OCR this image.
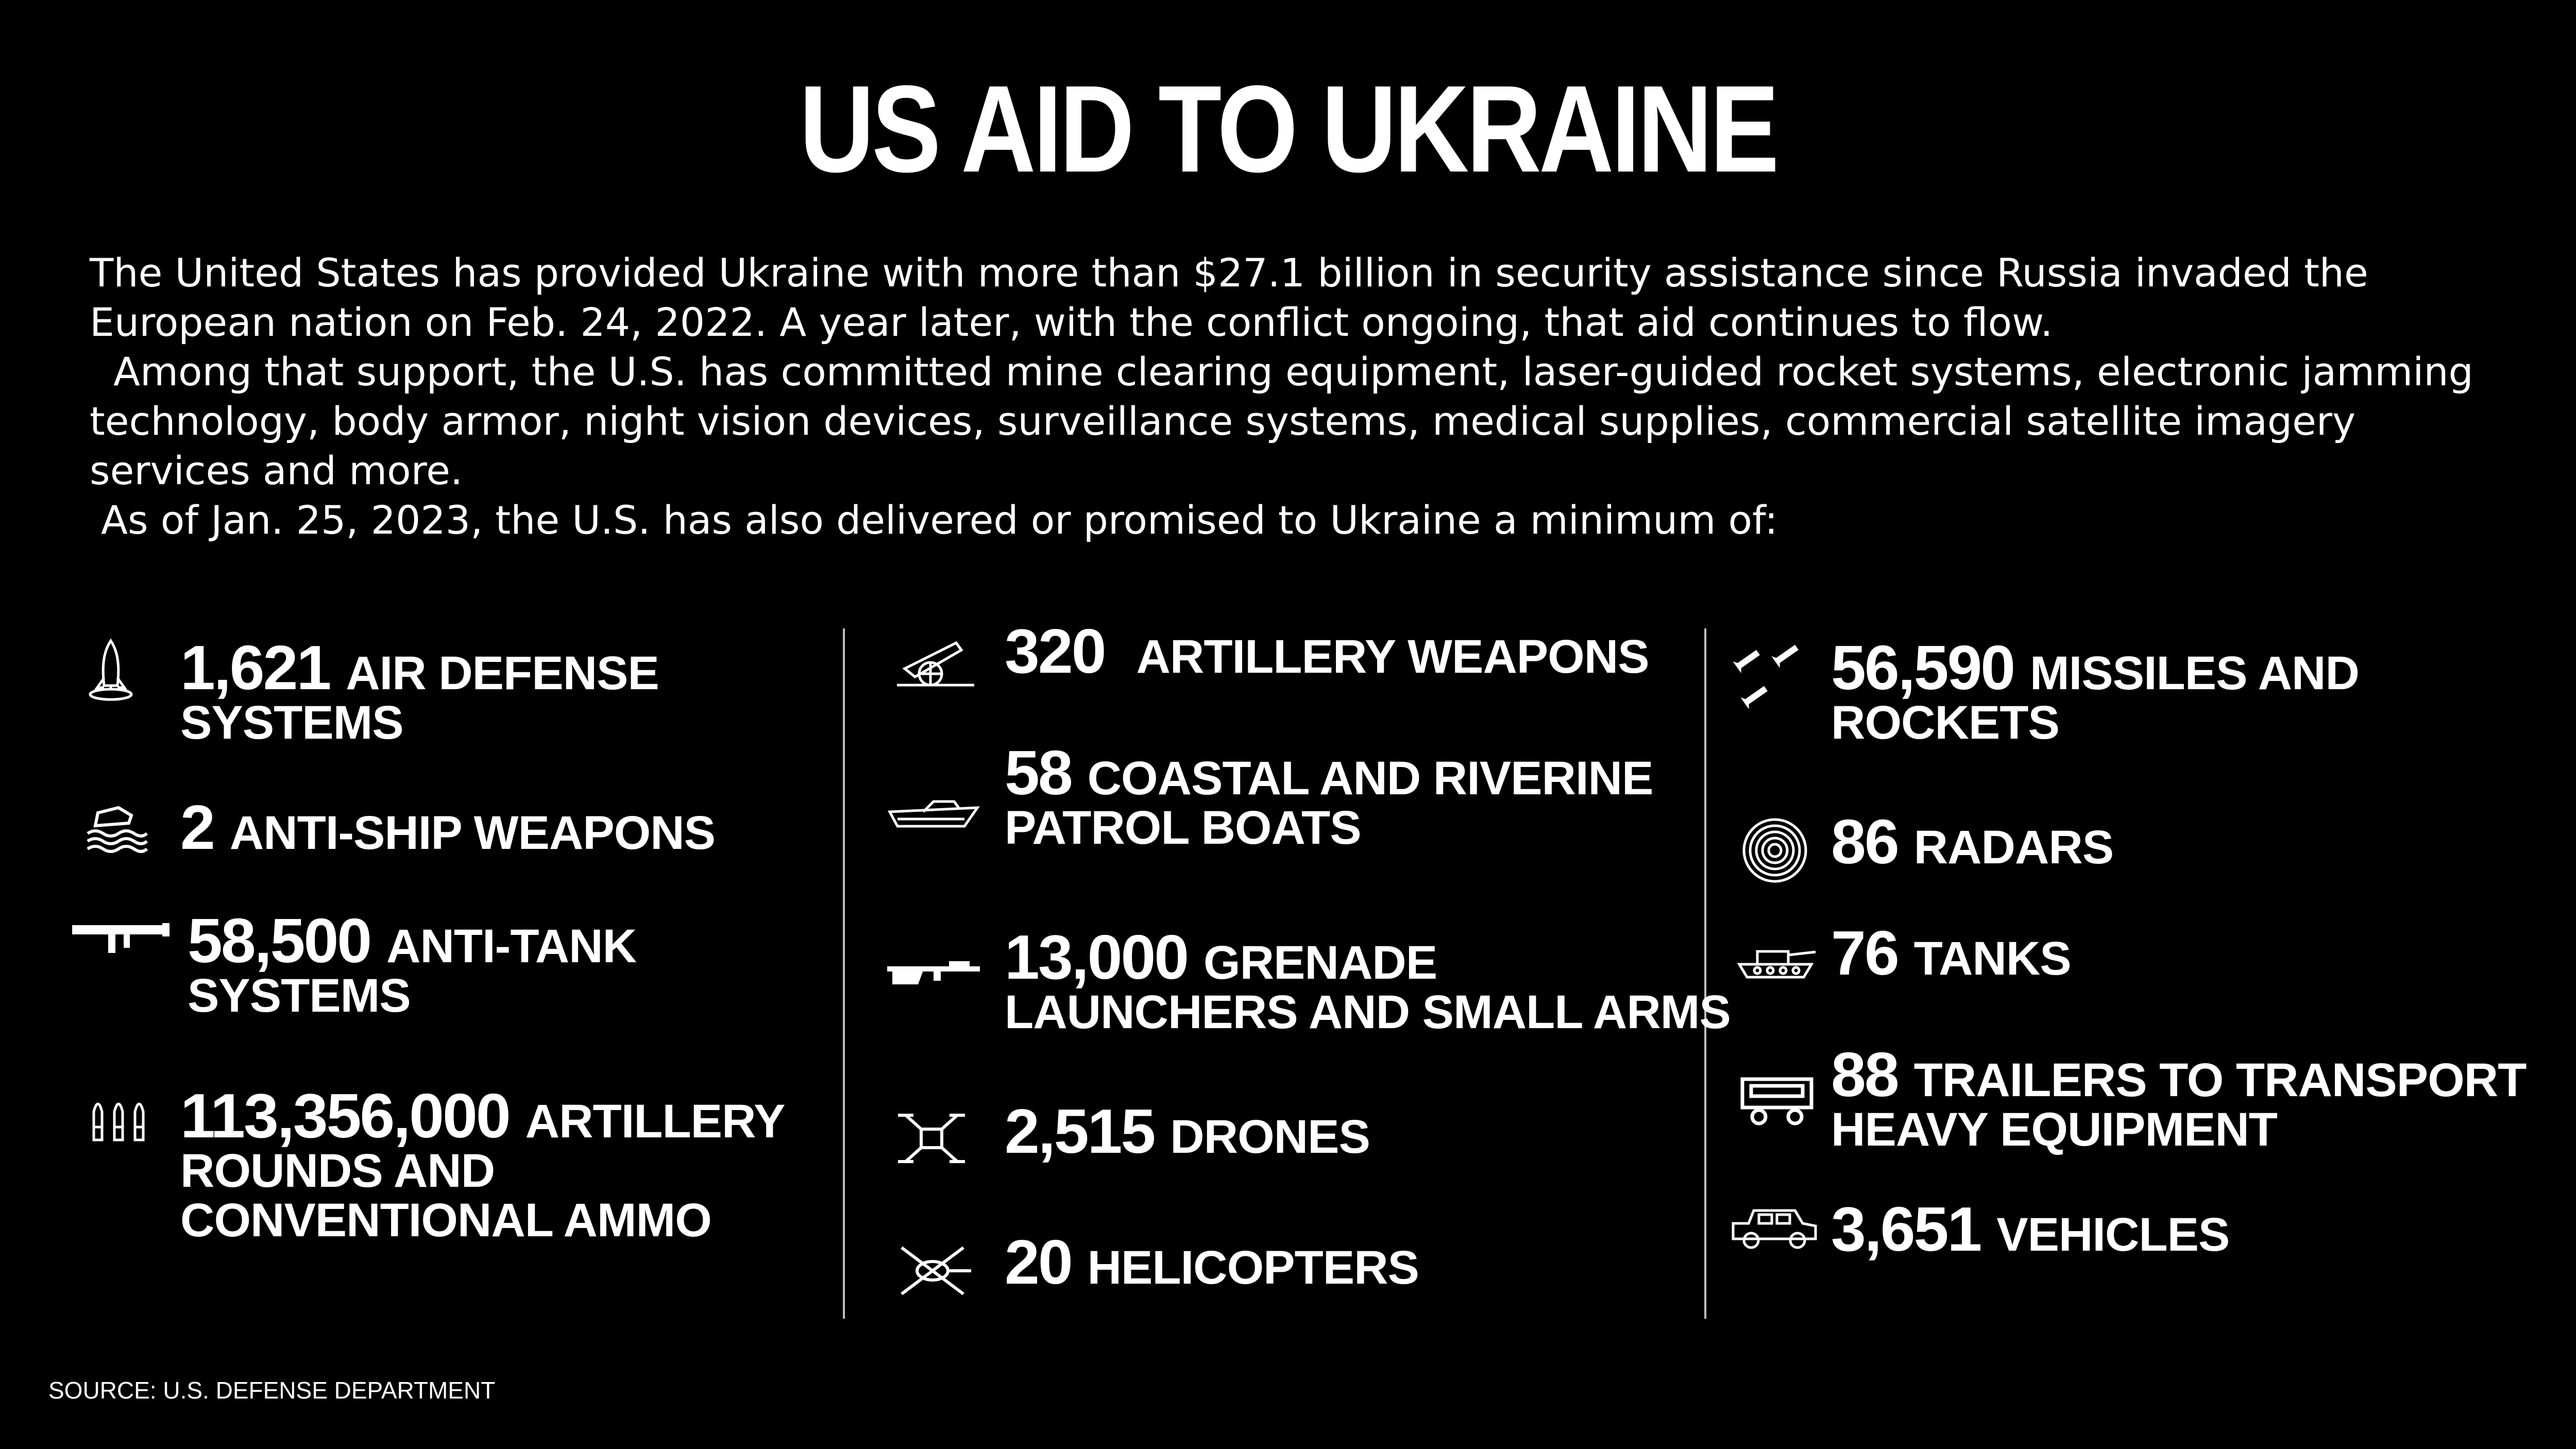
US AID TO UKRAINE

The United States has provided Ukraine with more than $27.1 billion in security assistance since Russia invaded the European nation on Feb. 24, 2022. A year later, with the conflict ongoing, that aid continues to flow.

Among that support, the U.S. has committed mine clearing equipment, laser-guided rocket systems, electronic jamming technology, body armor, night vision devices, surveillance systems, medical supplies, commercial satellite imagery services and more.

As of Jan. 25, 2023, the U.S. has also delivered or promised to Ukraine a minimum of:

1,621 AIR DEFENSE
SYSTEMS
2 ANTI-SHIP WEAPONS
58,500 ANTI-TANK
SYSTEMS
113,356,000 ARTILLERY
ROUNDS AND
CONVENTIONAL AMMO
320 ARTILLERY WEAPONS
58 COASTAL AND RIVERINE
PATROL BOATS
13,000 GRENADE
LAUNCHERS AND SMALL ARMS
2,515 DRONES
20 HELICOPTERS
56,590 MISSILES AND
ROCKETS
86 RADARS
76 TANKS
88 TRAILERS TO TRANSPORT
HEAVY EQUIPMENT
3,651 VEHICLES
SOURCE: U.S. DEFENSE DEPARTMENT
